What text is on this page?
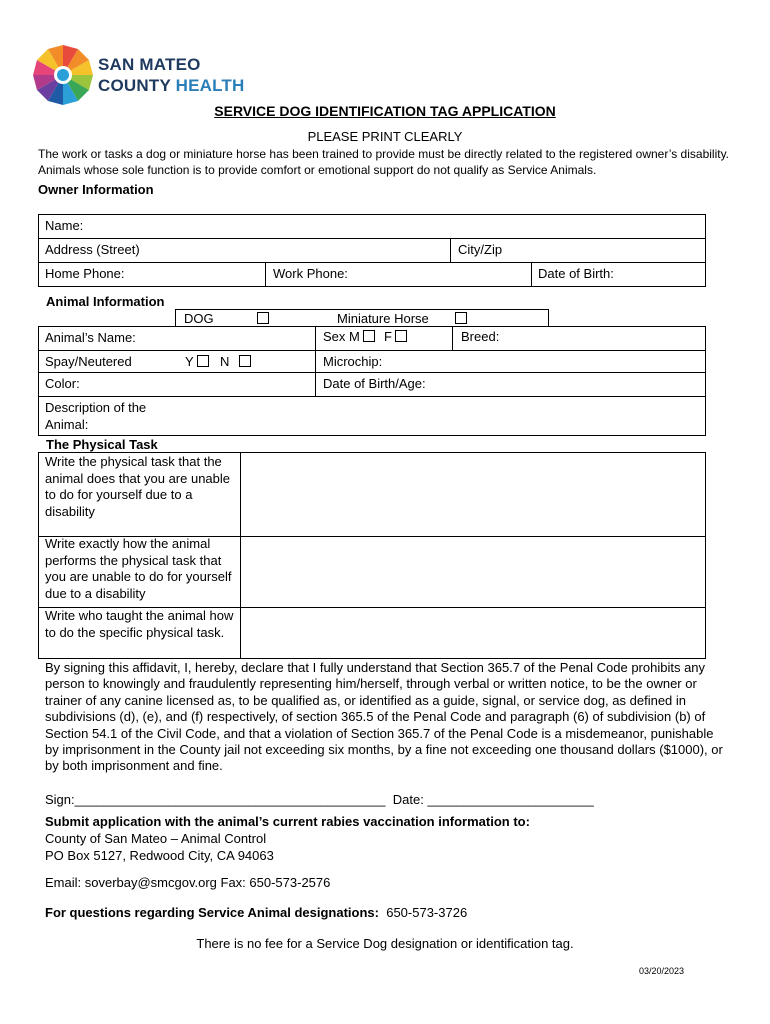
SAN MATEO
COUNTY HEALTH
SERVICE DOG IDENTIFICATION TAG APPLICATION
PLEASE PRINT CLEARLY
The work or tasks a dog or miniature horse has been trained to provide must be directly related to the registered owner’s disability. Animals whose sole function is to provide comfort or emotional support do not qualify as Service Animals.
Owner Information
Name:
Address (Street)	City/Zip
Home Phone:	Work Phone:	Date of Birth:
Animal Information
DOG	Miniature Horse
Animal’s Name:	Sex M F	Breed:
Spay/Neutered	Y N	Microchip:
Color:	Date of Birth/Age:
Description of the Animal:
The Physical Task
Write the physical task that the animal does that you are unable to do for yourself due to a disability
Write exactly how the animal performs the physical task that you are unable to do for yourself due to a disability
Write who taught the animal how to do the specific physical task.
By signing this affidavit, I, hereby, declare that I fully understand that Section 365.7 of the Penal Code prohibits any person to knowingly and fraudulently representing him/herself, through verbal or written notice, to be the owner or trainer of any canine licensed as, to be qualified as, or identified as a guide, signal, or service dog, as defined in subdivisions (d), (e), and (f) respectively, of section 365.5 of the Penal Code and paragraph (6) of subdivision (b) of Section 54.1 of the Civil Code, and that a violation of Section 365.7 of the Penal Code is a misdemeanor, punishable by imprisonment in the County jail not exceeding six months, by a fine not exceeding one thousand dollars ($1000), or by both imprisonment and fine.
Sign:___________________________________________ Date: _______________________
Submit application with the animal’s current rabies vaccination information to:
County of San Mateo – Animal Control
PO Box 5127, Redwood City, CA 94063
Email: soverbay@smcgov.org Fax: 650-573-2576
For questions regarding Service Animal designations: 650-573-3726
There is no fee for a Service Dog designation or identification tag.
03/20/2023
